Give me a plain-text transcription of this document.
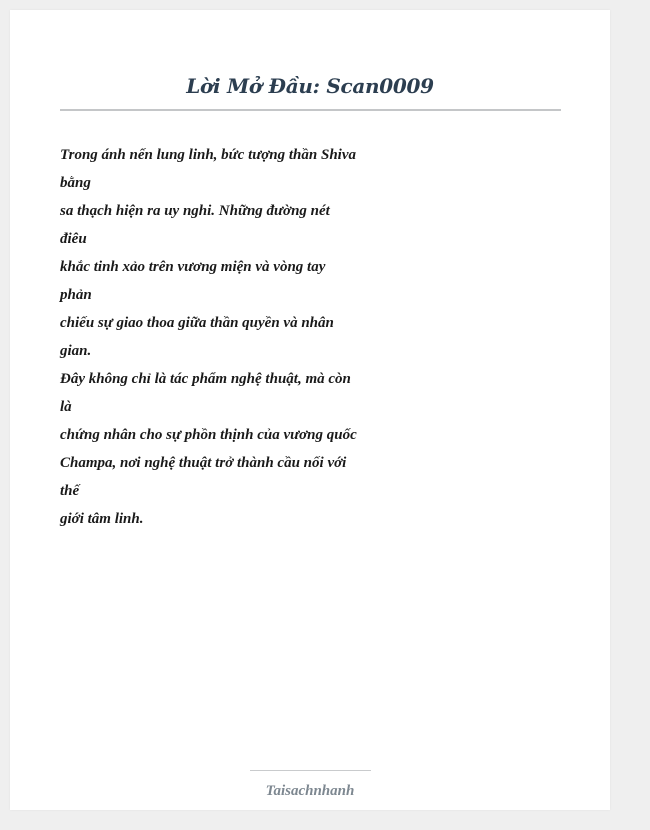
Lời Mở Đầu: Scan0009
Trong ánh nến lung linh, bức tượng thần Shiva
bằng
sa thạch hiện ra uy nghi. Những đường nét
điêu
khắc tinh xảo trên vương miện và vòng tay
phản
chiếu sự giao thoa giữa thần quyền và nhân
gian.
Đây không chỉ là tác phẩm nghệ thuật, mà còn
là
chứng nhân cho sự phồn thịnh của vương quốc
Champa, nơi nghệ thuật trở thành cầu nối với
thế
giới tâm linh.
Taisachnhanh
